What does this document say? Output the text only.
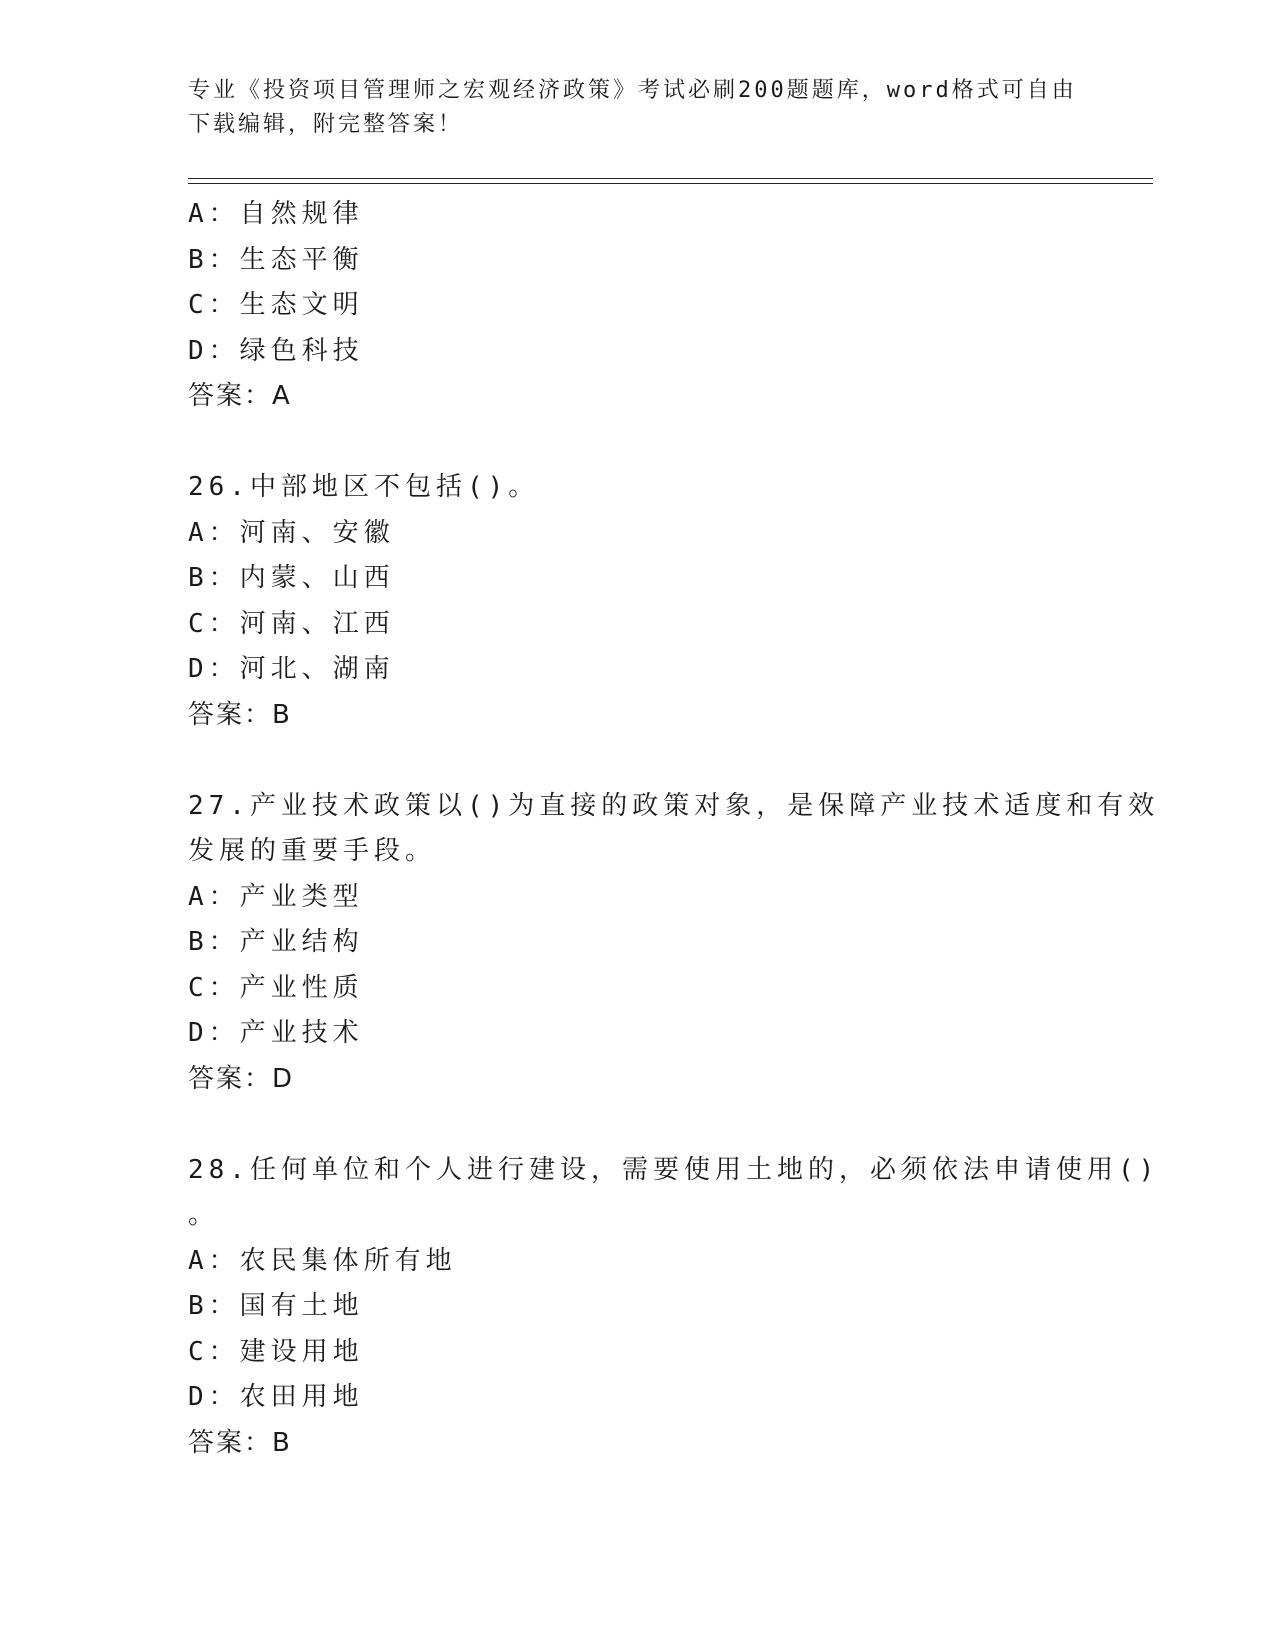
专业《投资项目管理师之宏观经济政策》考试必刷200题题库，word格式可自由
下载编辑，附完整答案！
A：自然规律
B：生态平衡
C：生态文明
D：绿色科技
答案：A
26.中部地区不包括()。
A：河南、安徽
B：内蒙、山西
C：河南、江西
D：河北、湖南
答案：B
27.产业技术政策以()为直接的政策对象，是保障产业技术适度和有效
发展的重要手段。
A：产业类型
B：产业结构
C：产业性质
D：产业技术
答案：D
28.任何单位和个人进行建设，需要使用土地的，必须依法申请使用()
。
A：农民集体所有地
B：国有土地
C：建设用地
D：农田用地
答案：B
